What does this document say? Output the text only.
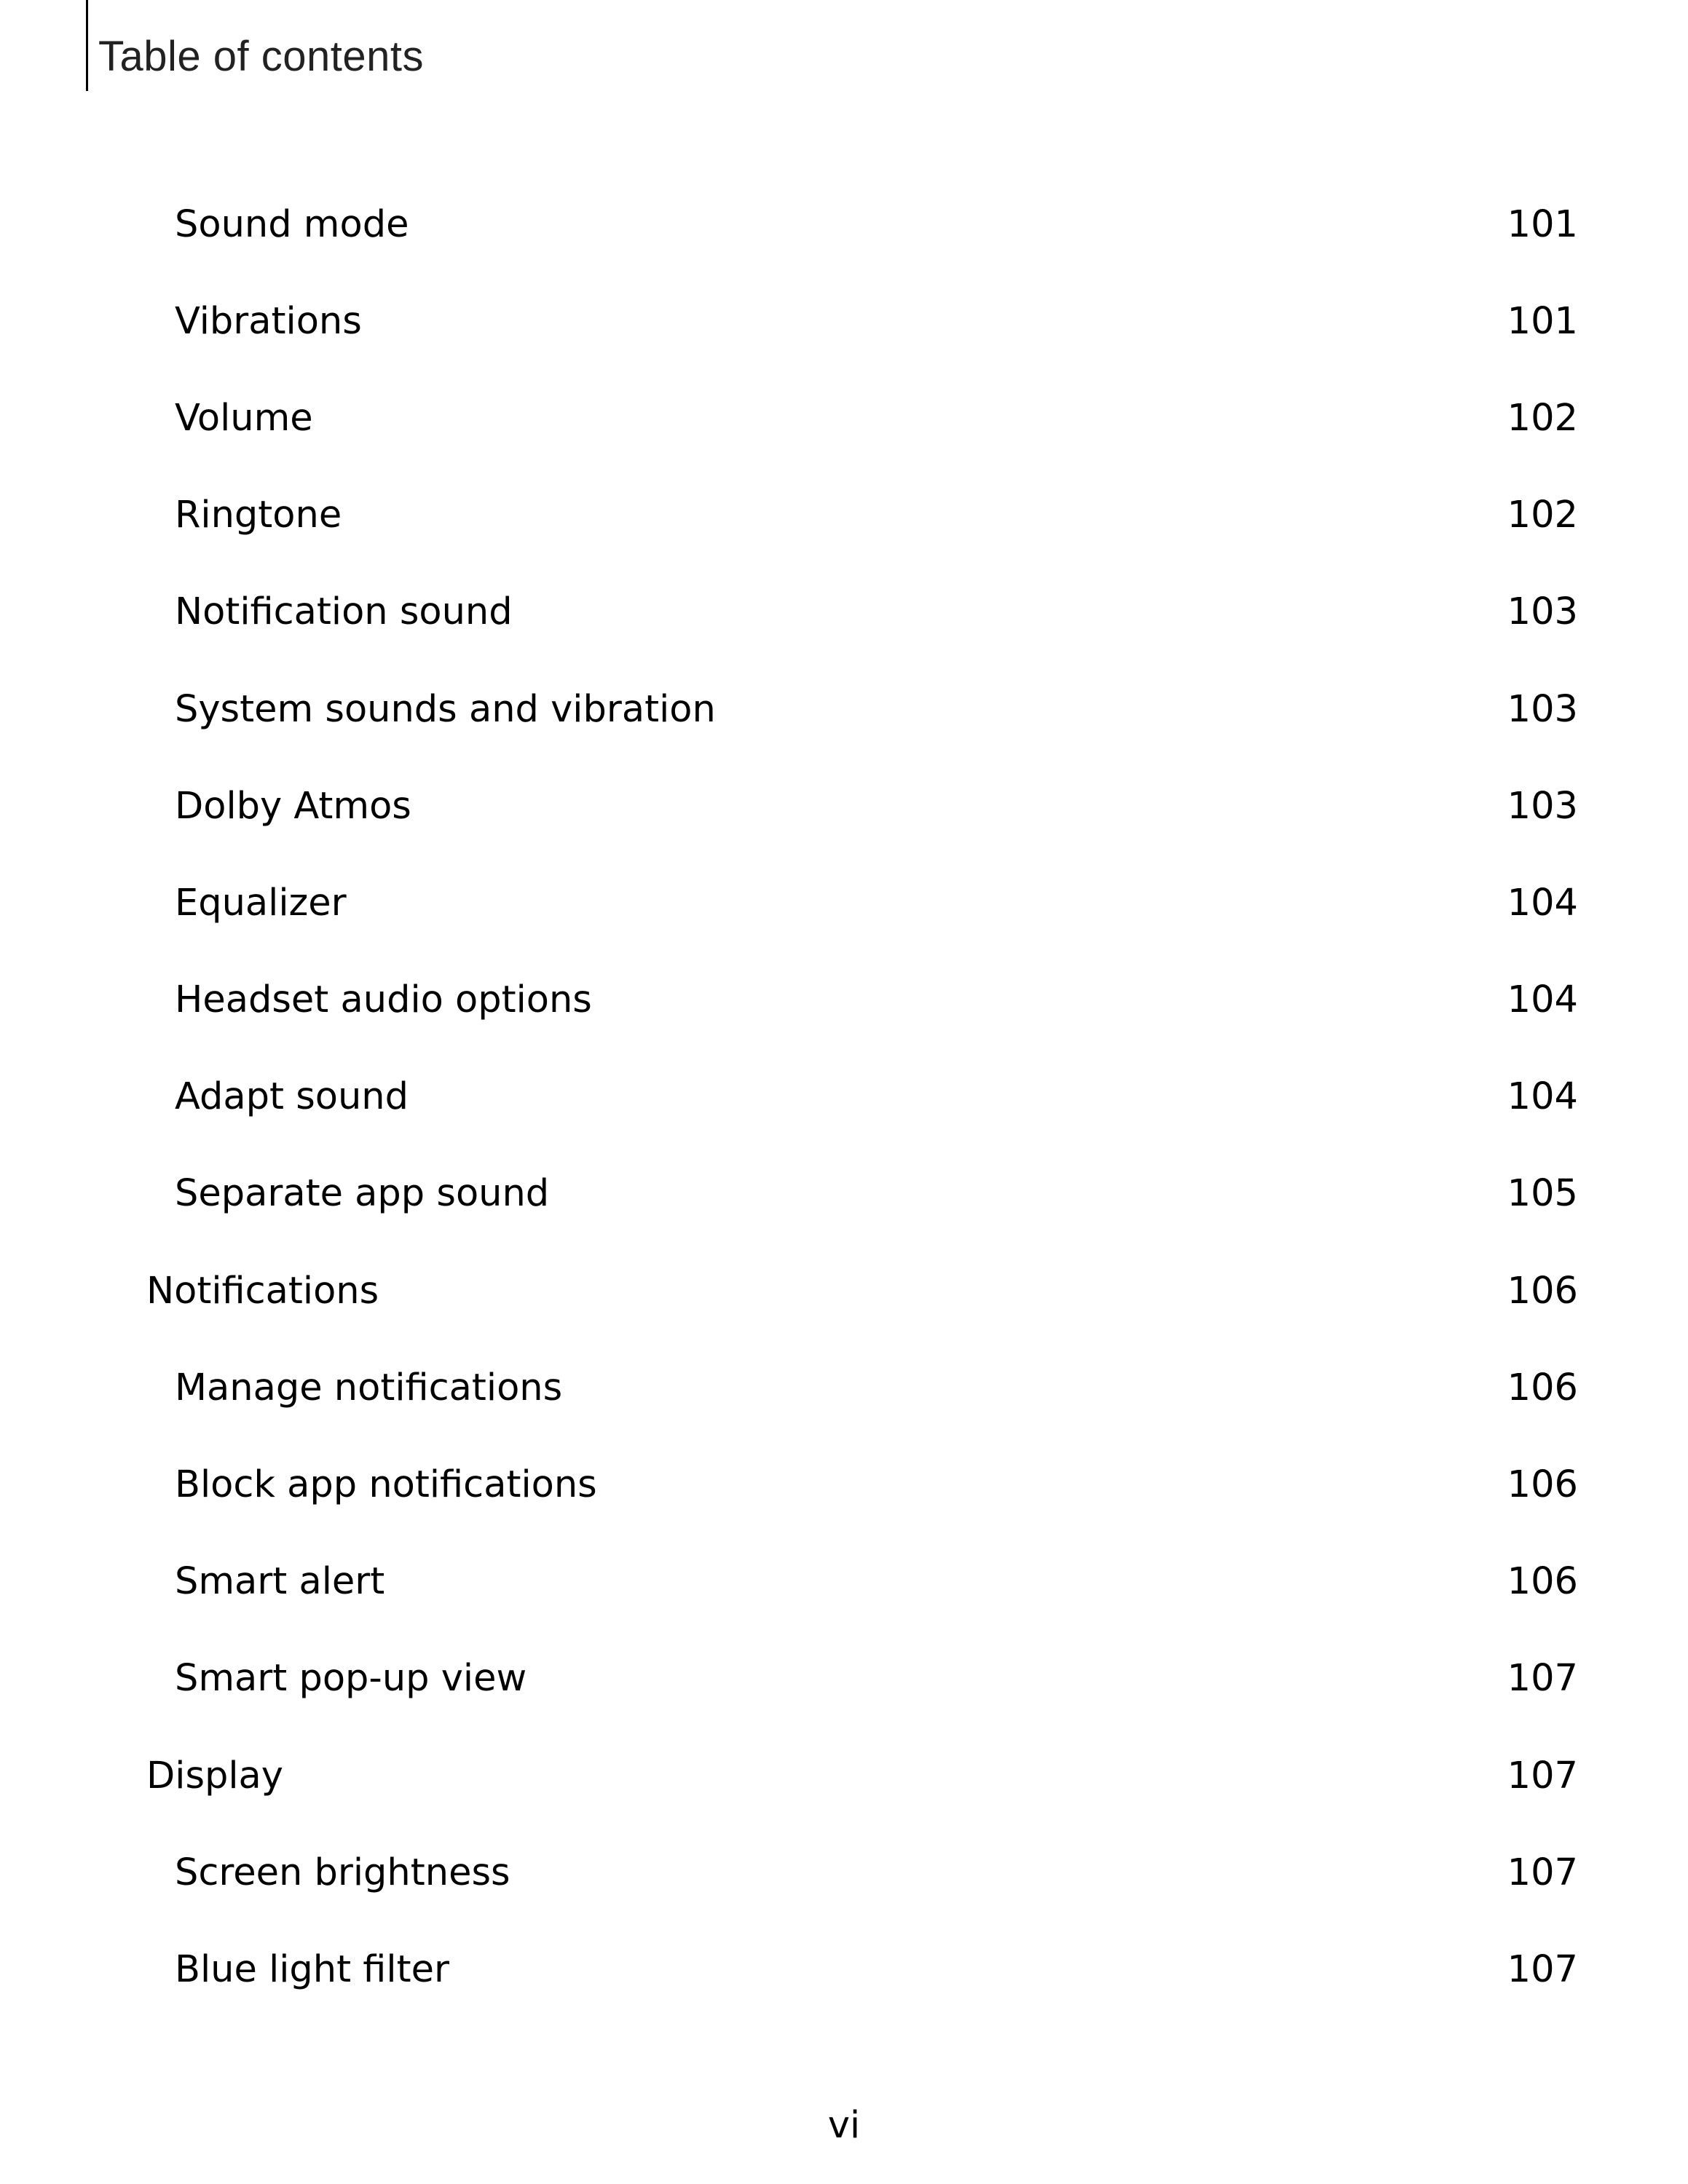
Table of contents
Sound mode	101
Vibrations	101
Volume	102
Ringtone	102
Notification sound	103
System sounds and vibration	103
Dolby Atmos	103
Equalizer	104
Headset audio options	104
Adapt sound	104
Separate app sound	105
Notifications	106
Manage notifications	106
Block app notifications	106
Smart alert	106
Smart pop-up view	107
Display	107
Screen brightness	107
Blue light filter	107
vi
